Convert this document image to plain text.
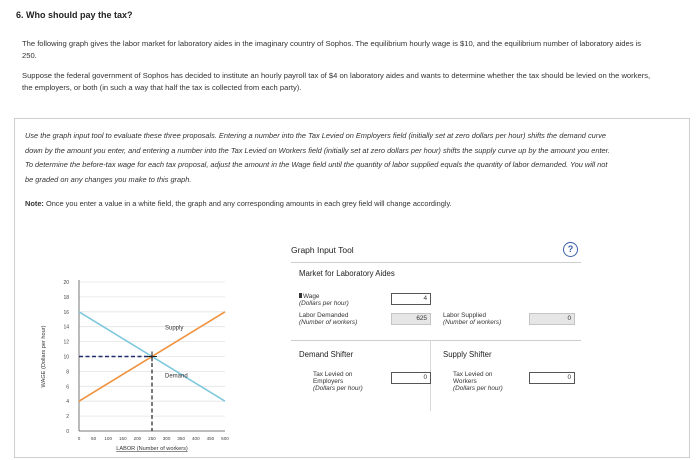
6. Who should pay the tax?
The following graph gives the labor market for laboratory aides in the imaginary country of Sophos. The equilibrium hourly wage is $10, and the equilibrium number of laboratory aides is 250.
Suppose the federal government of Sophos has decided to institute an hourly payroll tax of $4 on laboratory aides and wants to determine whether the tax should be levied on the workers, the employers, or both (in such a way that half the tax is collected from each party).
Use the graph input tool to evaluate these three proposals. Entering a number into the Tax Levied on Employers field (initially set at zero dollars per hour) shifts the demand curve down by the amount you enter, and entering a number into the Tax Levied on Workers field (initially set at zero dollars per hour) shifts the supply curve up by the amount you enter. To determine the before-tax wage for each tax proposal, adjust the amount in the Wage field until the quantity of labor supplied equals the quantity of labor demanded. You will not be graded on any changes you make to this graph.
Note: Once you enter a value in a white field, the graph and any corresponding amounts in each grey field will change accordingly.
0
2
4
6
8
10
12
14
16
18
20
0 50 100 150 200 250 300 350 400 450 500
LABOR (Number of workers)
WAGE (Dollars per hour)	Supply
Demand
Graph Input Tool	?
Market for Laboratory Aides
Wage
(Dollars per hour)
4
Labor Demanded
(Number of workers)
625	Labor Supplied
(Number of workers)
0
Demand Shifter	Supply Shifter
Tax Levied on
Employers
(Dollars per hour)
0	Tax Levied on
Workers
(Dollars per hour)
0
